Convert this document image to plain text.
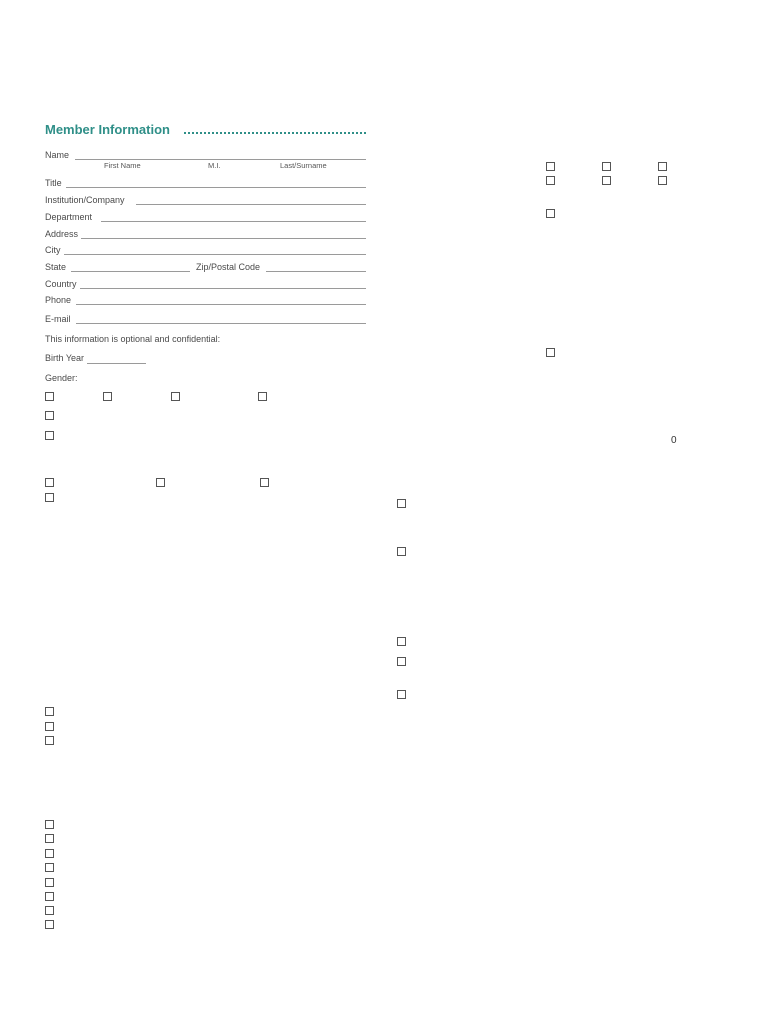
Member Information
Name
First Name	M.I.	Last/Surname
Title
Institution/Company
Department
Address
City
State	Zip/Postal Code
Country
Phone
E-mail
This information is optional and confidential:
Birth Year
Gender:
0
